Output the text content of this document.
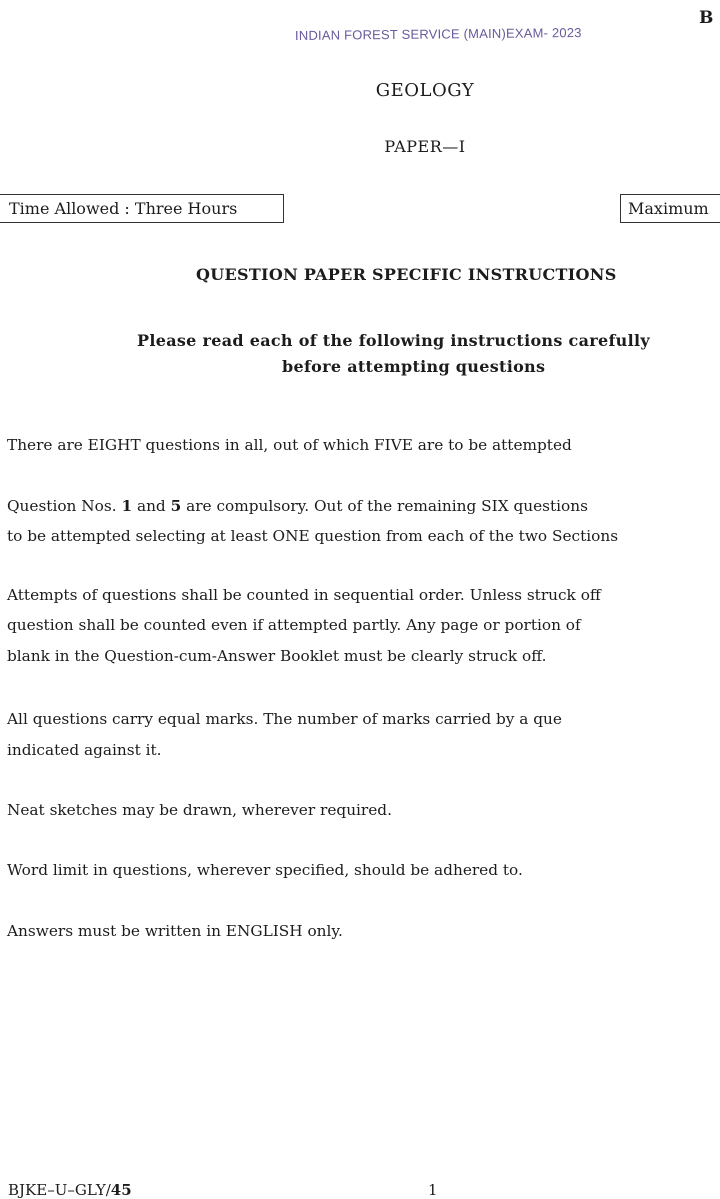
B
INDIAN FOREST SERVICE (MAIN)EXAM- 2023
GEOLOGY
PAPER—I
Time Allowed : Three Hours	Maximum
QUESTION PAPER SPECIFIC INSTRUCTIONS
Please read each of the following instructions carefully
before attempting questions
There are EIGHT questions in all, out of which FIVE are to be attempted
Question Nos. 1 and 5 are compulsory. Out of the remaining SIX questions
to be attempted selecting at least ONE question from each of the two Sections
Attempts of questions shall be counted in sequential order. Unless struck off
question shall be counted even if attempted partly. Any page or portion of
blank in the Question-cum-Answer Booklet must be clearly struck off.
All questions carry equal marks. The number of marks carried by a que
indicated against it.
Neat sketches may be drawn, wherever required.
Word limit in questions, wherever specified, should be adhered to.
Answers must be written in ENGLISH only.
BJKE–U–GLY/45	1
